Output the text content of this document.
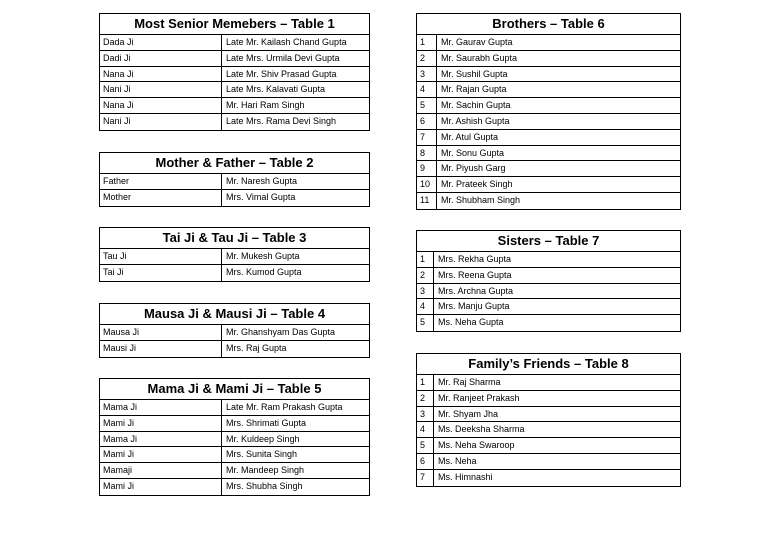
Most Senior Memebers – Table 1
Dada Ji	Late Mr. Kailash Chand Gupta
Dadi Ji	Late Mrs. Urmila Devi Gupta
Nana Ji	Late Mr. Shiv Prasad Gupta
Nani Ji	Late Mrs. Kalavati Gupta
Nana Ji	Mr. Hari Ram Singh
Nani Ji	Late Mrs. Rama Devi Singh
Mother & Father – Table 2
Father	Mr. Naresh Gupta
Mother	Mrs. Vimal Gupta
Tai Ji & Tau Ji – Table 3
Tau Ji	Mr. Mukesh Gupta
Tai Ji	Mrs. Kumod Gupta
Mausa Ji & Mausi Ji – Table 4
Mausa Ji	Mr. Ghanshyam Das Gupta
Mausi Ji	Mrs. Raj Gupta
Mama Ji & Mami Ji – Table 5
Mama Ji	Late Mr. Ram Prakash Gupta
Mami Ji	Mrs. Shrimati Gupta
Mama Ji	Mr. Kuldeep Singh
Mami Ji	Mrs. Sunita Singh
Mamaji	Mr. Mandeep Singh
Mami Ji	Mrs. Shubha Singh
Brothers – Table 6
1	Mr. Gaurav Gupta
2	Mr. Saurabh Gupta
3	Mr. Sushil Gupta
4	Mr. Rajan Gupta
5	Mr. Sachin Gupta
6	Mr. Ashish Gupta
7	Mr. Atul Gupta
8	Mr. Sonu Gupta
9	Mr. Piyush Garg
10	Mr. Prateek Singh
11	Mr. Shubham Singh
Sisters – Table 7
1	Mrs. Rekha Gupta
2	Mrs. Reena Gupta
3	Mrs. Archna Gupta
4	Mrs. Manju Gupta
5	Ms. Neha Gupta
Family’s Friends – Table 8
1	Mr. Raj Sharma
2	Mr. Ranjeet Prakash
3	Mr. Shyam Jha
4	Ms. Deeksha Sharma
5	Ms. Neha Swaroop
6	Ms. Neha
7	Ms. Himnashi
